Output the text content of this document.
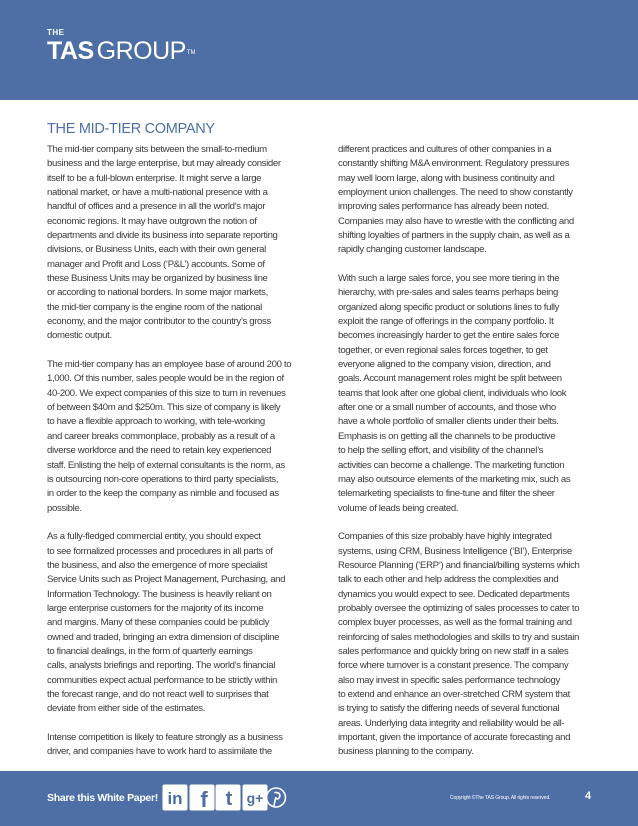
THE
TAS GROUP™
THE MID-TIER COMPANY

The mid-tier company sits between the small-to-medium
business and the large enterprise, but may already consider
itself to be a full-blown enterprise. It might serve a large
national market, or have a multi-national presence with a
handful of offices and a presence in all the world’s major
economic regions. It may have outgrown the notion of
departments and divide its business into separate reporting
divisions, or Business Units, each with their own general
manager and Profit and Loss (‘P&L’) accounts. Some of
these Business Units may be organized by business line
or according to national borders. In some major markets,
the mid-tier company is the engine room of the national
economy, and the major contributor to the country’s gross
domestic output.

The mid-tier company has an employee base of around 200 to
1,000. Of this number, sales people would be in the region of
40-200. We expect companies of this size to turn in revenues
of between $40m and $250m. This size of company is likely
to have a flexible approach to working, with tele-working
and career breaks commonplace, probably as a result of a
diverse workforce and the need to retain key experienced
staff. Enlisting the help of external consultants is the norm, as
is outsourcing non-core operations to third party specialists,
in order to the keep the company as nimble and focused as
possible.

As a fully-fledged commercial entity, you should expect
to see formalized processes and procedures in all parts of
the business, and also the emergence of more specialist
Service Units such as Project Management, Purchasing, and
Information Technology. The business is heavily reliant on
large enterprise customers for the majority of its income
and margins. Many of these companies could be publicly
owned and traded, bringing an extra dimension of discipline
to financial dealings, in the form of quarterly earnings
calls, analysts briefings and reporting. The world’s financial
communities expect actual performance to be strictly within
the forecast range, and do not react well to surprises that
deviate from either side of the estimates.

Intense competition is likely to feature strongly as a business
driver, and companies have to work hard to assimilate the

different practices and cultures of other companies in a
constantly shifting M&A environment. Regulatory pressures
may well loom large, along with business continuity and
employment union challenges. The need to show constantly
improving sales performance has already been noted.
Companies may also have to wrestle with the conflicting and
shifting loyalties of partners in the supply chain, as well as a
rapidly changing customer landscape.

With such a large sales force, you see more tiering in the
hierarchy, with pre-sales and sales teams perhaps being
organized along specific product or solutions lines to fully
exploit the range of offerings in the company portfolio. It
becomes increasingly harder to get the entire sales force
together, or even regional sales forces together, to get
everyone aligned to the company vision, direction, and
goals. Account management roles might be split between
teams that look after one global client, individuals who look
after one or a small number of accounts, and those who
have a whole portfolio of smaller clients under their belts.
Emphasis is on getting all the channels to be productive
to help the selling effort, and visibility of the channel’s
activities can become a challenge. The marketing function
may also outsource elements of the marketing mix, such as
telemarketing specialists to fine-tune and filter the sheer
volume of leads being created.

Companies of this size probably have highly integrated
systems, using CRM, Business Intelligence (‘BI’), Enterprise
Resource Planning (‘ERP’) and financial/billing systems which
talk to each other and help address the complexities and
dynamics you would expect to see. Dedicated departments
probably oversee the optimizing of sales processes to cater to
complex buyer processes, as well as the formal training and
reinforcing of sales methodologies and skills to try and sustain
sales performance and quickly bring on new staff in a sales
force where turnover is a constant presence. The company
also may invest in specific sales performance technology
to extend and enhance an over-stretched CRM system that
is trying to satisfy the differing needs of several functional
areas. Underlying data integrity and reliability would be all-
important, given the importance of accurate forecasting and
business planning to the company.

Share this White Paper! in f t g+	Copyright ©The TAS Group. All rights reserved.	4
